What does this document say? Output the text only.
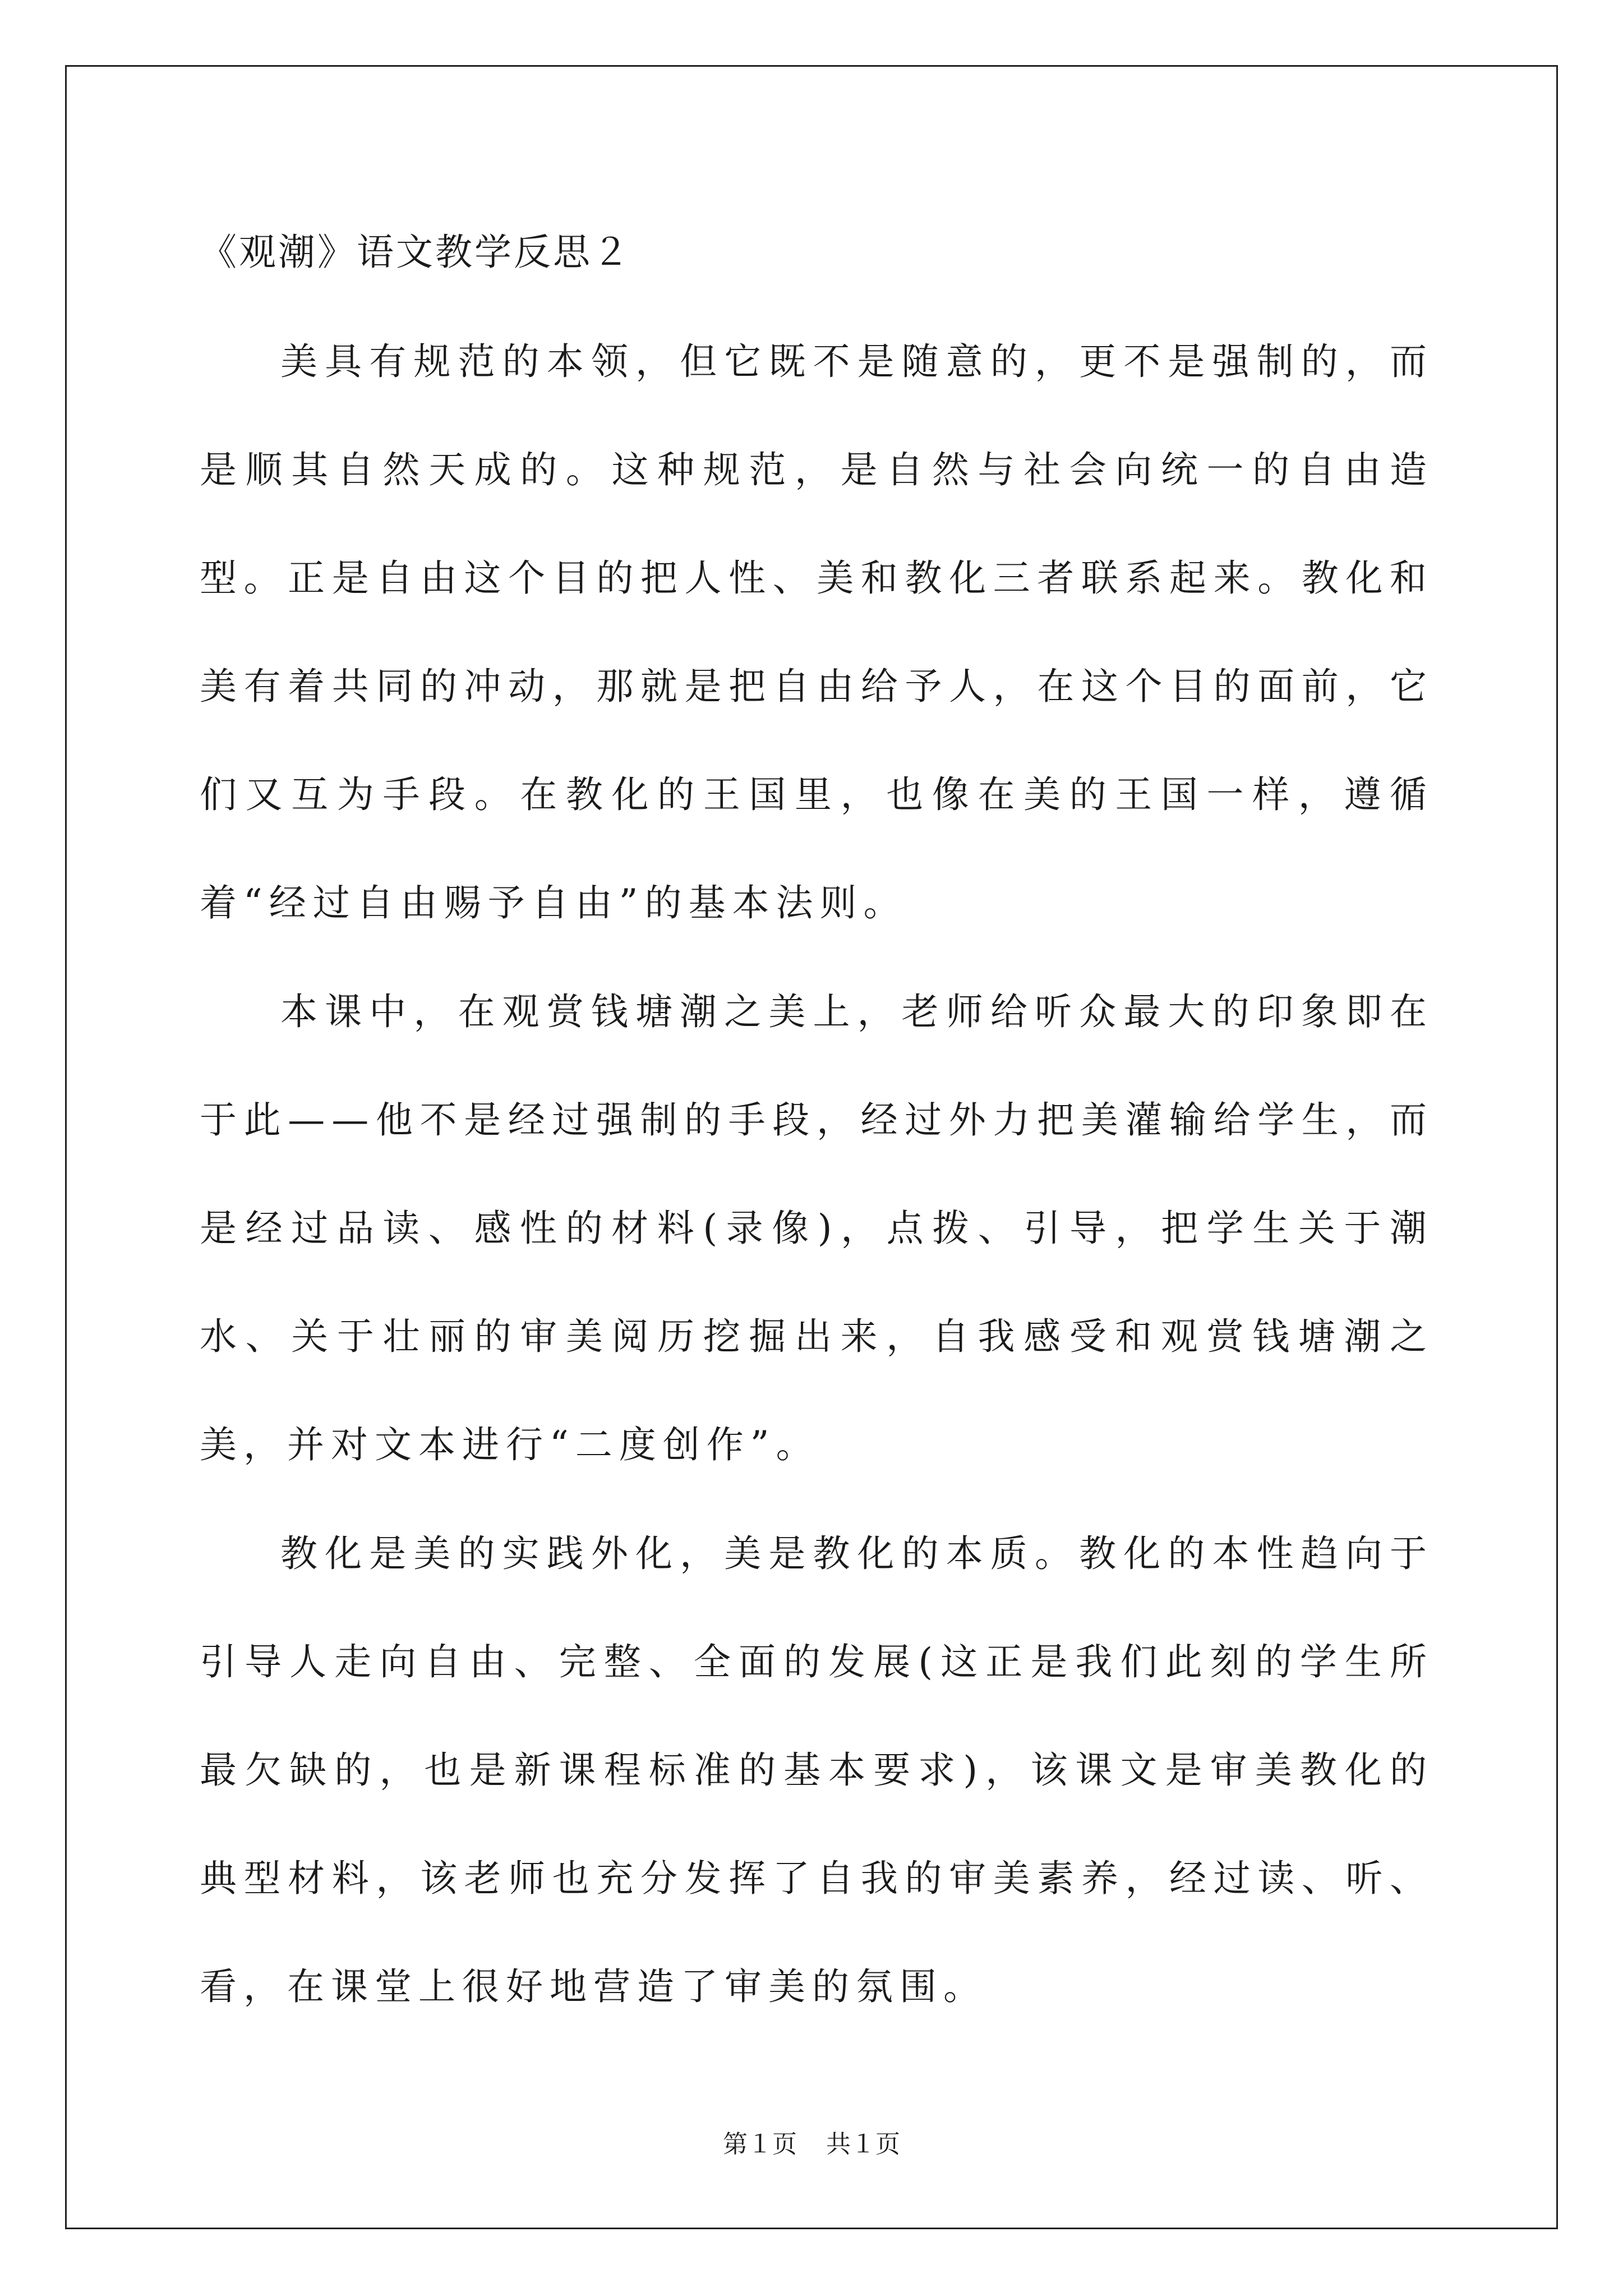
《观潮》语文教学反思２

美具有规范的本领，但它既不是随意的，更不是强制的，而是顺其自然天成的。这种规范，是自然与社会向统一的自由造型。正是自由这个目的把人性、美和教化三者联系起来。教化和美有着共同的冲动，那就是把自由给予人，在这个目的面前，它们又互为手段。在教化的王国里，也像在美的王国一样，遵循着“经过自由赐予自由”的基本法则。

本课中，在观赏钱塘潮之美上，老师给听众最大的印象即在于此——他不是经过强制的手段，经过外力把美灌输给学生，而是经过品读、感性的材料(录像)，点拨、引导，把学生关于潮水、关于壮丽的审美阅历挖掘出来，自我感受和观赏钱塘潮之美，并对文本进行“二度创作”。

教化是美的实践外化，美是教化的本质。教化的本性趋向于引导人走向自由、完整、全面的发展(这正是我们此刻的学生所最欠缺的，也是新课程标准的基本要求)，该课文是审美教化的典型材料，该老师也充分发挥了自我的审美素养，经过读、听、看，在课堂上很好地营造了审美的氛围。

第１页 共１页
